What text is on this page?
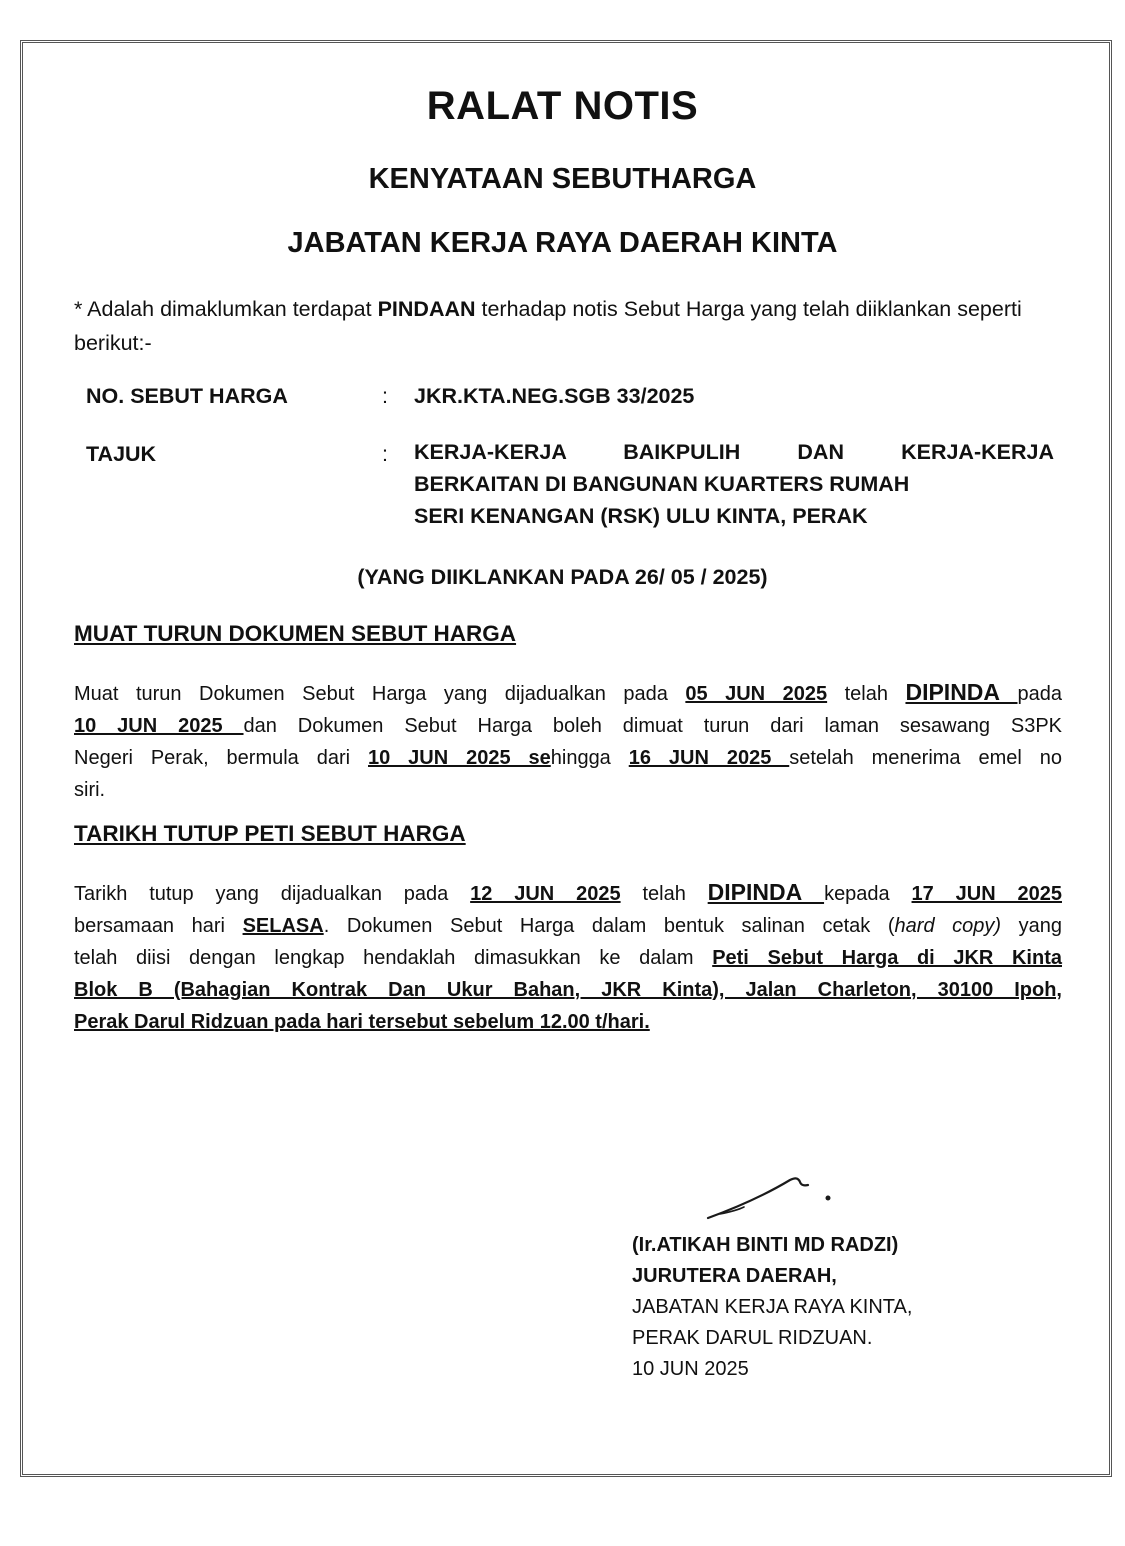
RALAT NOTIS
KENYATAAN SEBUTHARGA
JABATAN KERJA RAYA DAERAH KINTA
* Adalah dimaklumkan terdapat PINDAAN terhadap notis Sebut Harga yang telah diiklankan seperti berikut:-
NO. SEBUT HARGA	: JKR.KTA.NEG.SGB 33/2025
TAJUK	: KERJA-KERJA BAIKPULIH DAN KERJA-KERJA
BERKAITAN DI BANGUNAN KUARTERS RUMAH
SERI KENANGAN (RSK) ULU KINTA, PERAK
(YANG DIIKLANKAN PADA 26/ 05 / 2025)
MUAT TURUN DOKUMEN SEBUT HARGA
Muat turun Dokumen Sebut Harga yang dijadualkan pada 05 JUN 2025 telah DIPINDA pada
10 JUN 2025 dan Dokumen Sebut Harga boleh dimuat turun dari laman sesawang S3PK
Negeri Perak, bermula dari 10 JUN 2025 sehingga 16 JUN 2025 setelah menerima emel no
siri.
TARIKH TUTUP PETI SEBUT HARGA
Tarikh tutup yang dijadualkan pada 12 JUN 2025 telah DIPINDA kepada 17 JUN 2025
bersamaan hari SELASA. Dokumen Sebut Harga dalam bentuk salinan cetak (hard copy) yang
telah diisi dengan lengkap hendaklah dimasukkan ke dalam Peti Sebut Harga di JKR Kinta
Blok B (Bahagian Kontrak Dan Ukur Bahan, JKR Kinta), Jalan Charleton, 30100 Ipoh,
Perak Darul Ridzuan pada hari tersebut sebelum 12.00 t/hari.
(Ir.ATIKAH BINTI MD RADZI)
JURUTERA DAERAH,
JABATAN KERJA RAYA KINTA,
PERAK DARUL RIDZUAN.
10 JUN 2025
